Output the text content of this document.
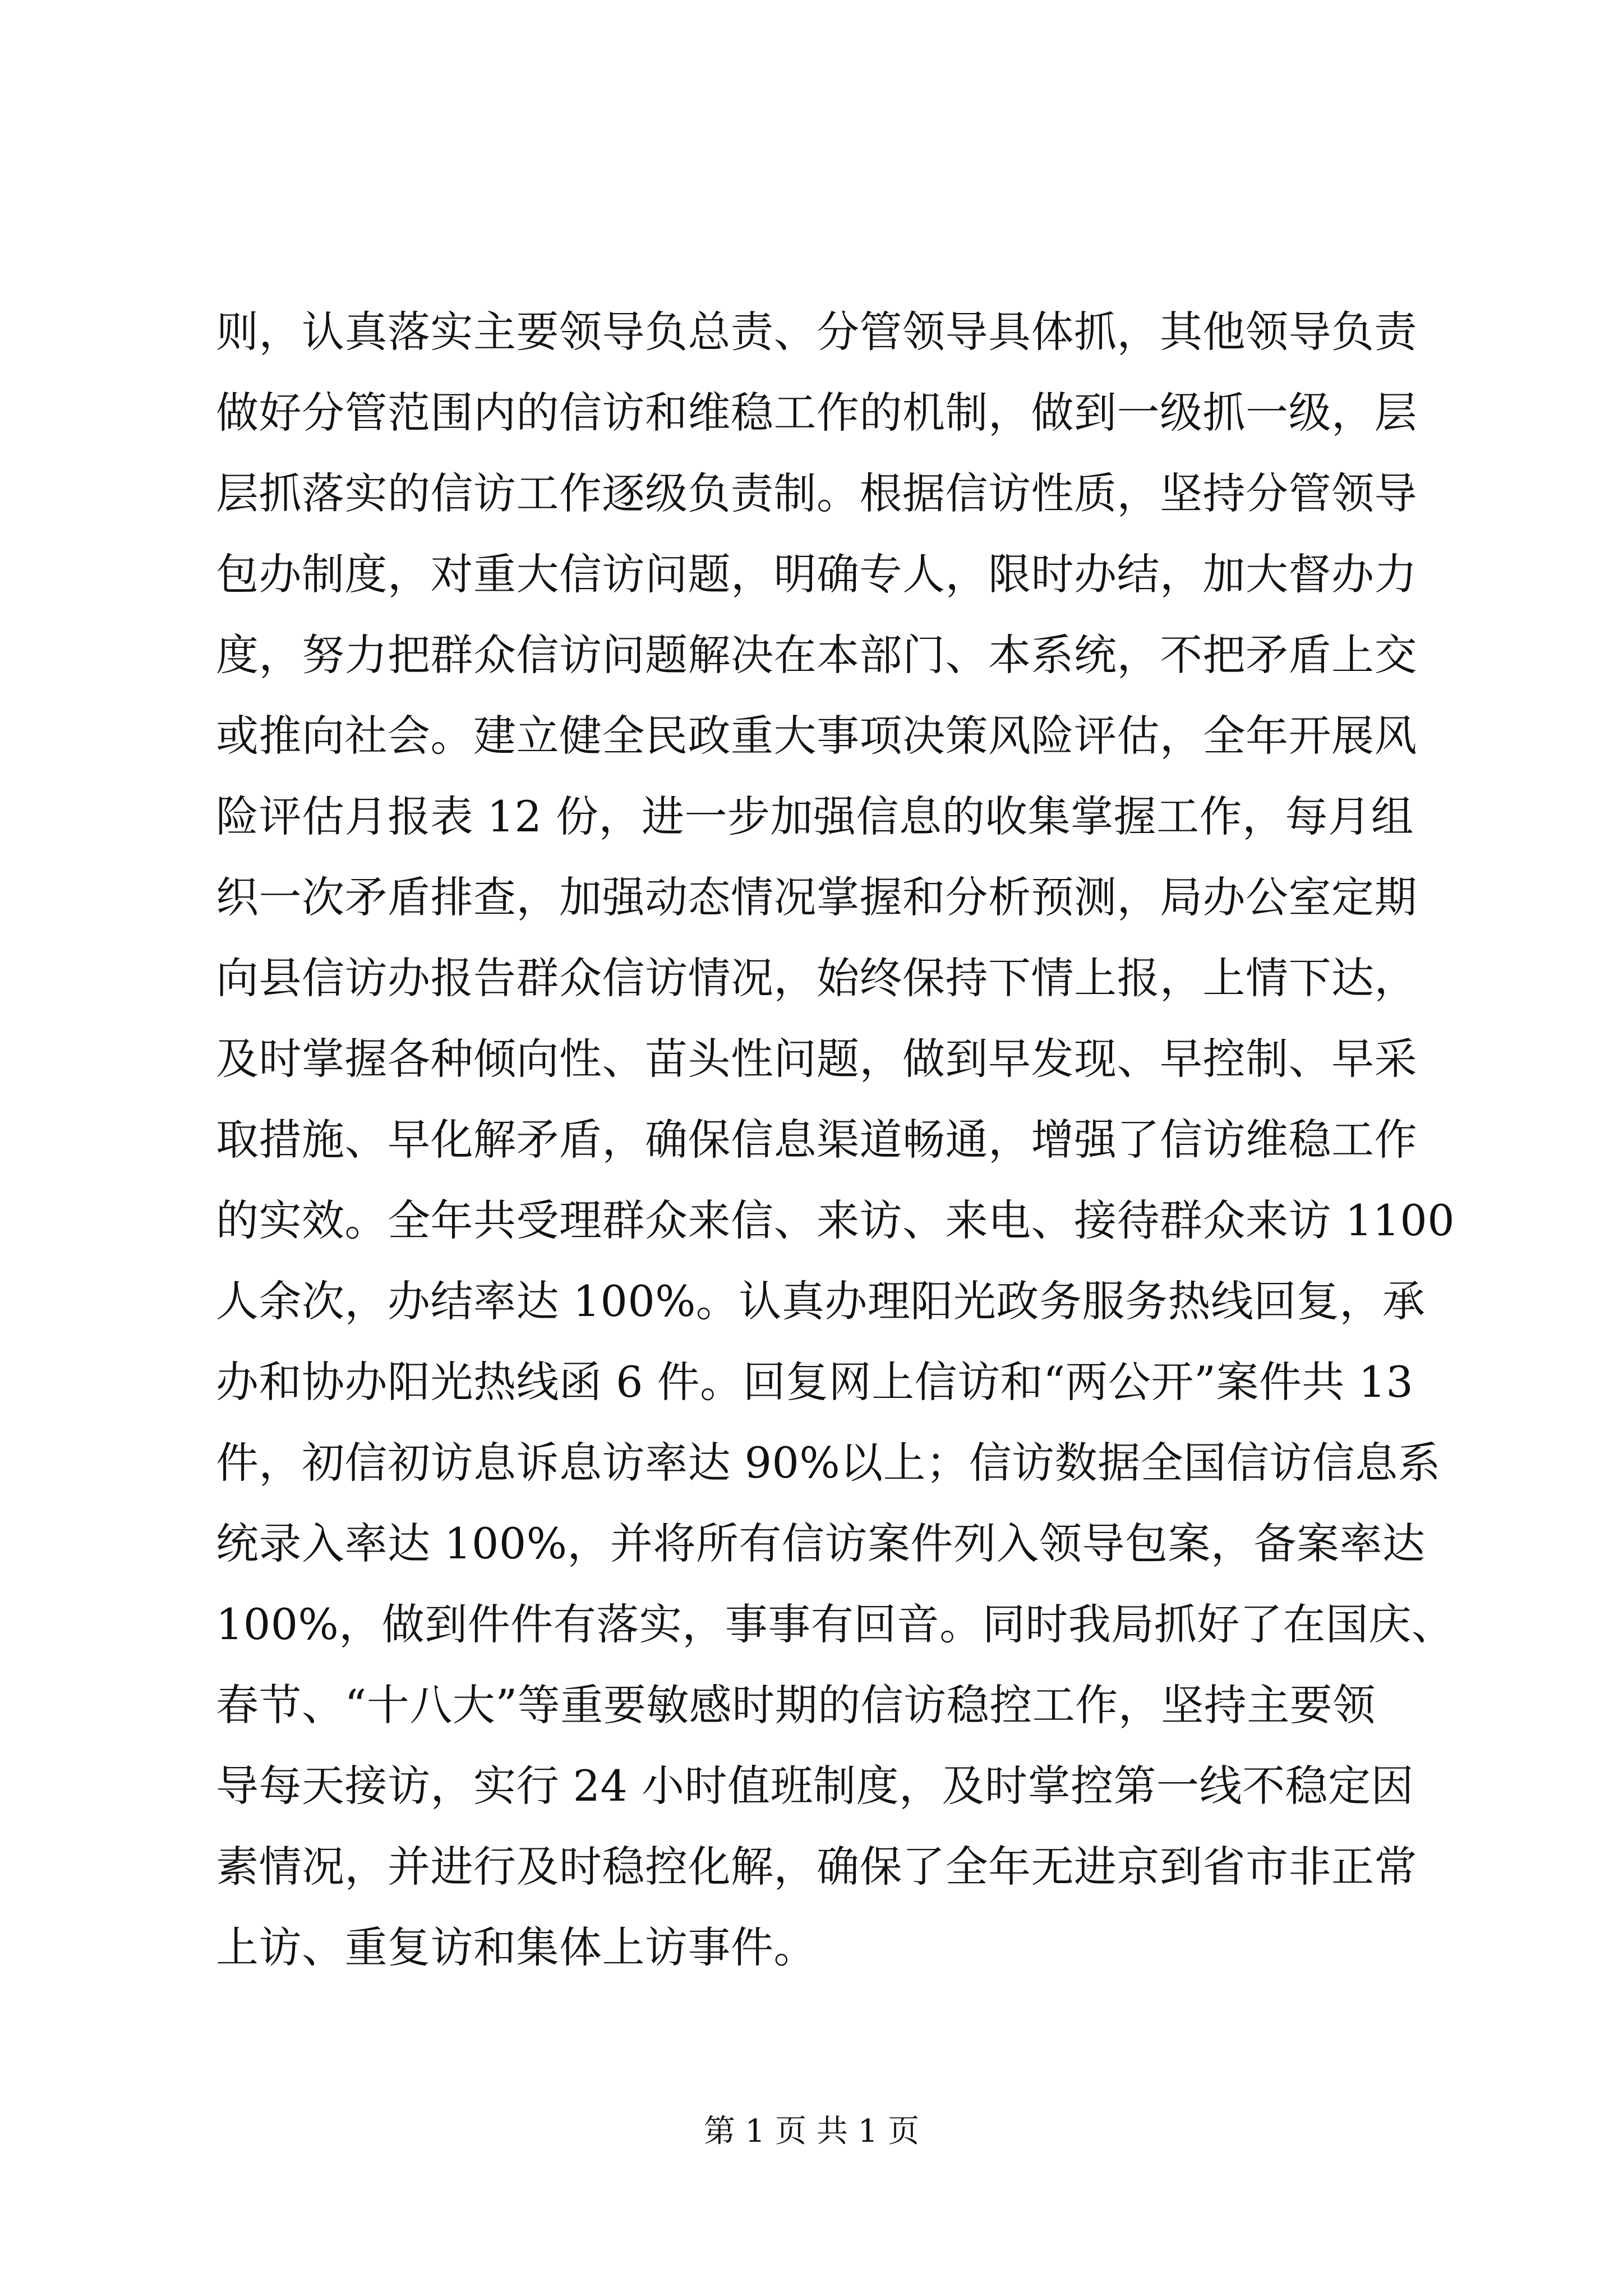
则，认真落实主要领导负总责、分管领导具体抓，其他领导负责
做好分管范围内的信访和维稳工作的机制，做到一级抓一级，层
层抓落实的信访工作逐级负责制。根据信访性质，坚持分管领导
包办制度，对重大信访问题，明确专人，限时办结，加大督办力
度，努力把群众信访问题解决在本部门、本系统，不把矛盾上交
或推向社会。建立健全民政重大事项决策风险评估，全年开展风
险评估月报表 12 份，进一步加强信息的收集掌握工作，每月组
织一次矛盾排查，加强动态情况掌握和分析预测，局办公室定期
向县信访办报告群众信访情况，始终保持下情上报，上情下达，
及时掌握各种倾向性、苗头性问题，做到早发现、早控制、早采
取措施、早化解矛盾，确保信息渠道畅通，增强了信访维稳工作
的实效。全年共受理群众来信、来访、来电、接待群众来访 1100
人余次，办结率达 100%。认真办理阳光政务服务热线回复，承
办和协办阳光热线函 6 件。回复网上信访和“两公开”案件共 13
件，初信初访息诉息访率达 90%以上；信访数据全国信访信息系
统录入率达 100%，并将所有信访案件列入领导包案，备案率达
100%，做到件件有落实，事事有回音。同时我局抓好了在国庆、
春节、“十八大”等重要敏感时期的信访稳控工作，坚持主要领
导每天接访，实行 24 小时值班制度，及时掌控第一线不稳定因
素情况，并进行及时稳控化解，确保了全年无进京到省市非正常
上访、重复访和集体上访事件。
第 1 页 共 1 页
